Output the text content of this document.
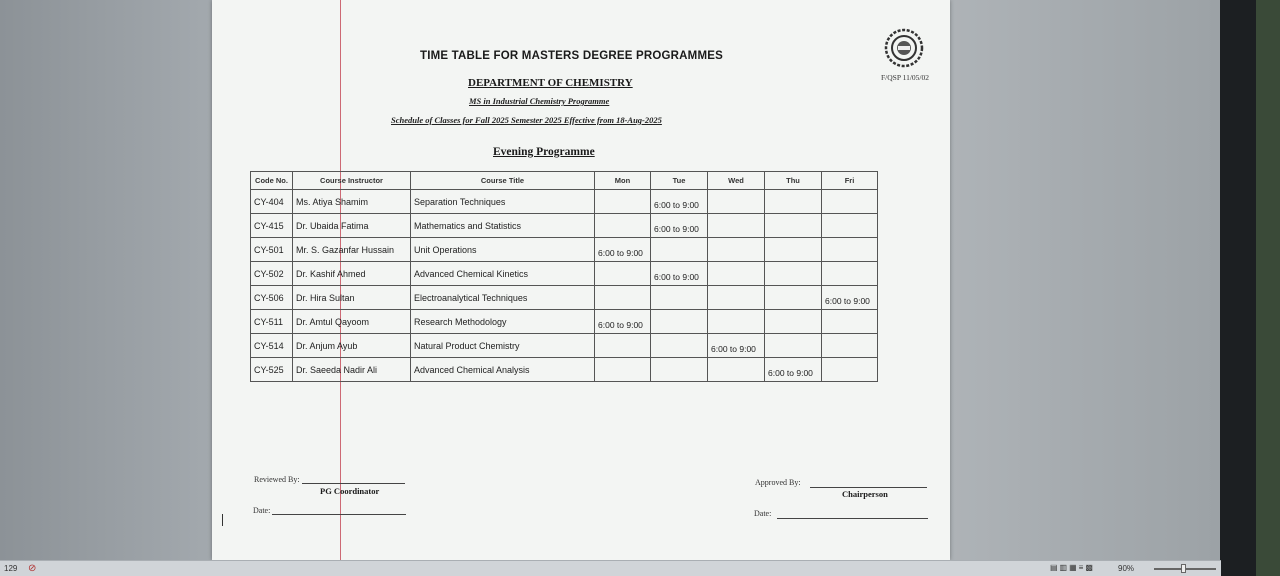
TIME TABLE FOR MASTERS DEGREE PROGRAMMES
F/QSP 11/05/02
DEPARTMENT OF CHEMISTRY
MS in Industrial Chemistry Programme
Schedule of Classes for Fall 2025 Semester 2025 Effective from 18-Aug-2025
Evening Programme
Code No.	Course Instructor	Course Title	Mon	Tue	Wed	Thu	Fri
CY-404	Ms. Atiya Shamim	Separation Techniques		6:00 to 9:00			
CY-415	Dr. Ubaida Fatima	Mathematics and Statistics		6:00 to 9:00			
CY-501	Mr. S. Gazanfar Hussain	Unit Operations	6:00 to 9:00				
CY-502	Dr. Kashif Ahmed	Advanced Chemical Kinetics		6:00 to 9:00			
CY-506	Dr. Hira Sultan	Electroanalytical Techniques					6:00 to 9:00
CY-511	Dr. Amtul Qayoom	Research Methodology	6:00 to 9:00				
CY-514	Dr. Anjum Ayub	Natural Product Chemistry			6:00 to 9:00		
CY-525	Dr. Saeeda Nadir Ali	Advanced Chemical Analysis				6:00 to 9:00	
Reviewed By:
PG Coordinator
Date:
Approved By:
Chairperson
Date:
129 ⊘	▤▥▦≡▩	90%
